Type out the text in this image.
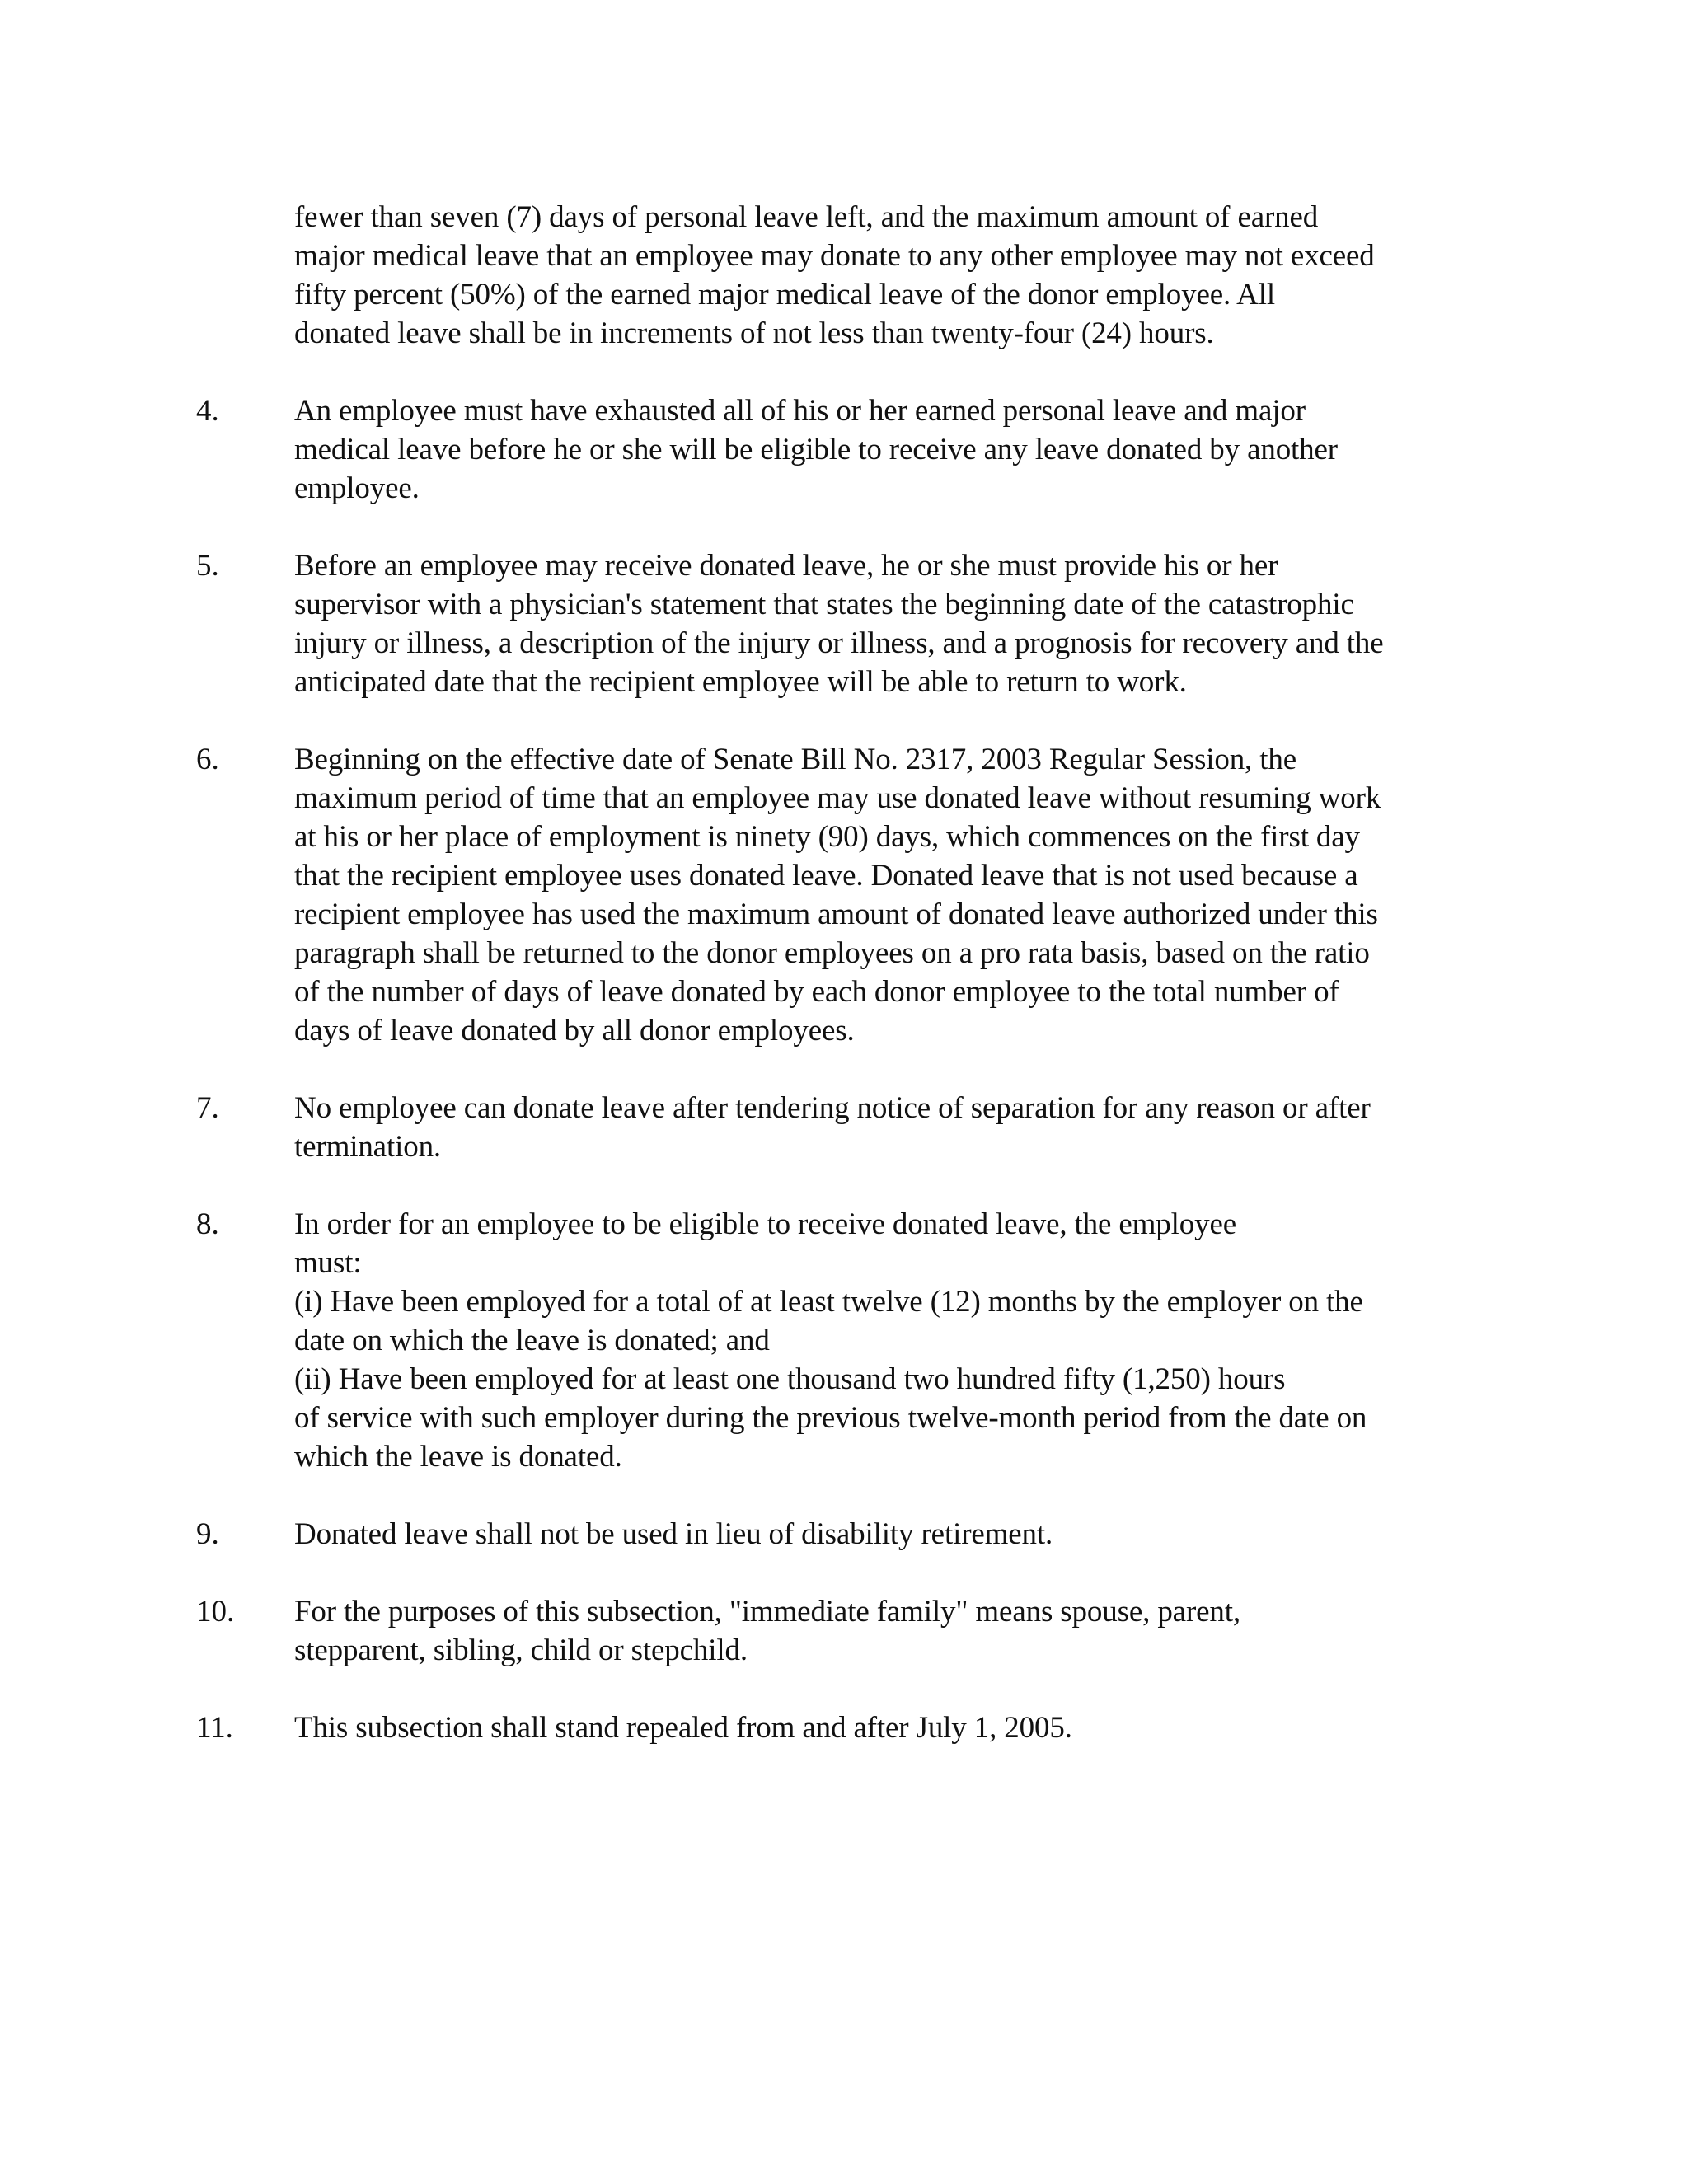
fewer than seven (7) days of personal leave left, and the maximum amount of earned
major medical leave that an employee may donate to any other employee may not exceed
fifty percent (50%) of the earned major medical leave of the donor employee. All
donated leave shall be in increments of not less than twenty-four (24) hours.
4. An employee must have exhausted all of his or her earned personal leave and major
medical leave before he or she will be eligible to receive any leave donated by another
employee.
5. Before an employee may receive donated leave, he or she must provide his or her
supervisor with a physician's statement that states the beginning date of the catastrophic
injury or illness, a description of the injury or illness, and a prognosis for recovery and the
anticipated date that the recipient employee will be able to return to work.
6. Beginning on the effective date of Senate Bill No. 2317, 2003 Regular Session, the
maximum period of time that an employee may use donated leave without resuming work
at his or her place of employment is ninety (90) days, which commences on the first day
that the recipient employee uses donated leave. Donated leave that is not used because a
recipient employee has used the maximum amount of donated leave authorized under this
paragraph shall be returned to the donor employees on a pro rata basis, based on the ratio
of the number of days of leave donated by each donor employee to the total number of
days of leave donated by all donor employees.
7. No employee can donate leave after tendering notice of separation for any reason or after
termination.
8. In order for an employee to be eligible to receive donated leave, the employee
must:
(i) Have been employed for a total of at least twelve (12) months by the employer on the
date on which the leave is donated; and
(ii) Have been employed for at least one thousand two hundred fifty (1,250) hours
of service with such employer during the previous twelve-month period from the date on
which the leave is donated.
9. Donated leave shall not be used in lieu of disability retirement.
10. For the purposes of this subsection, "immediate family" means spouse, parent,
stepparent, sibling, child or stepchild.
11. This subsection shall stand repealed from and after July 1, 2005.
